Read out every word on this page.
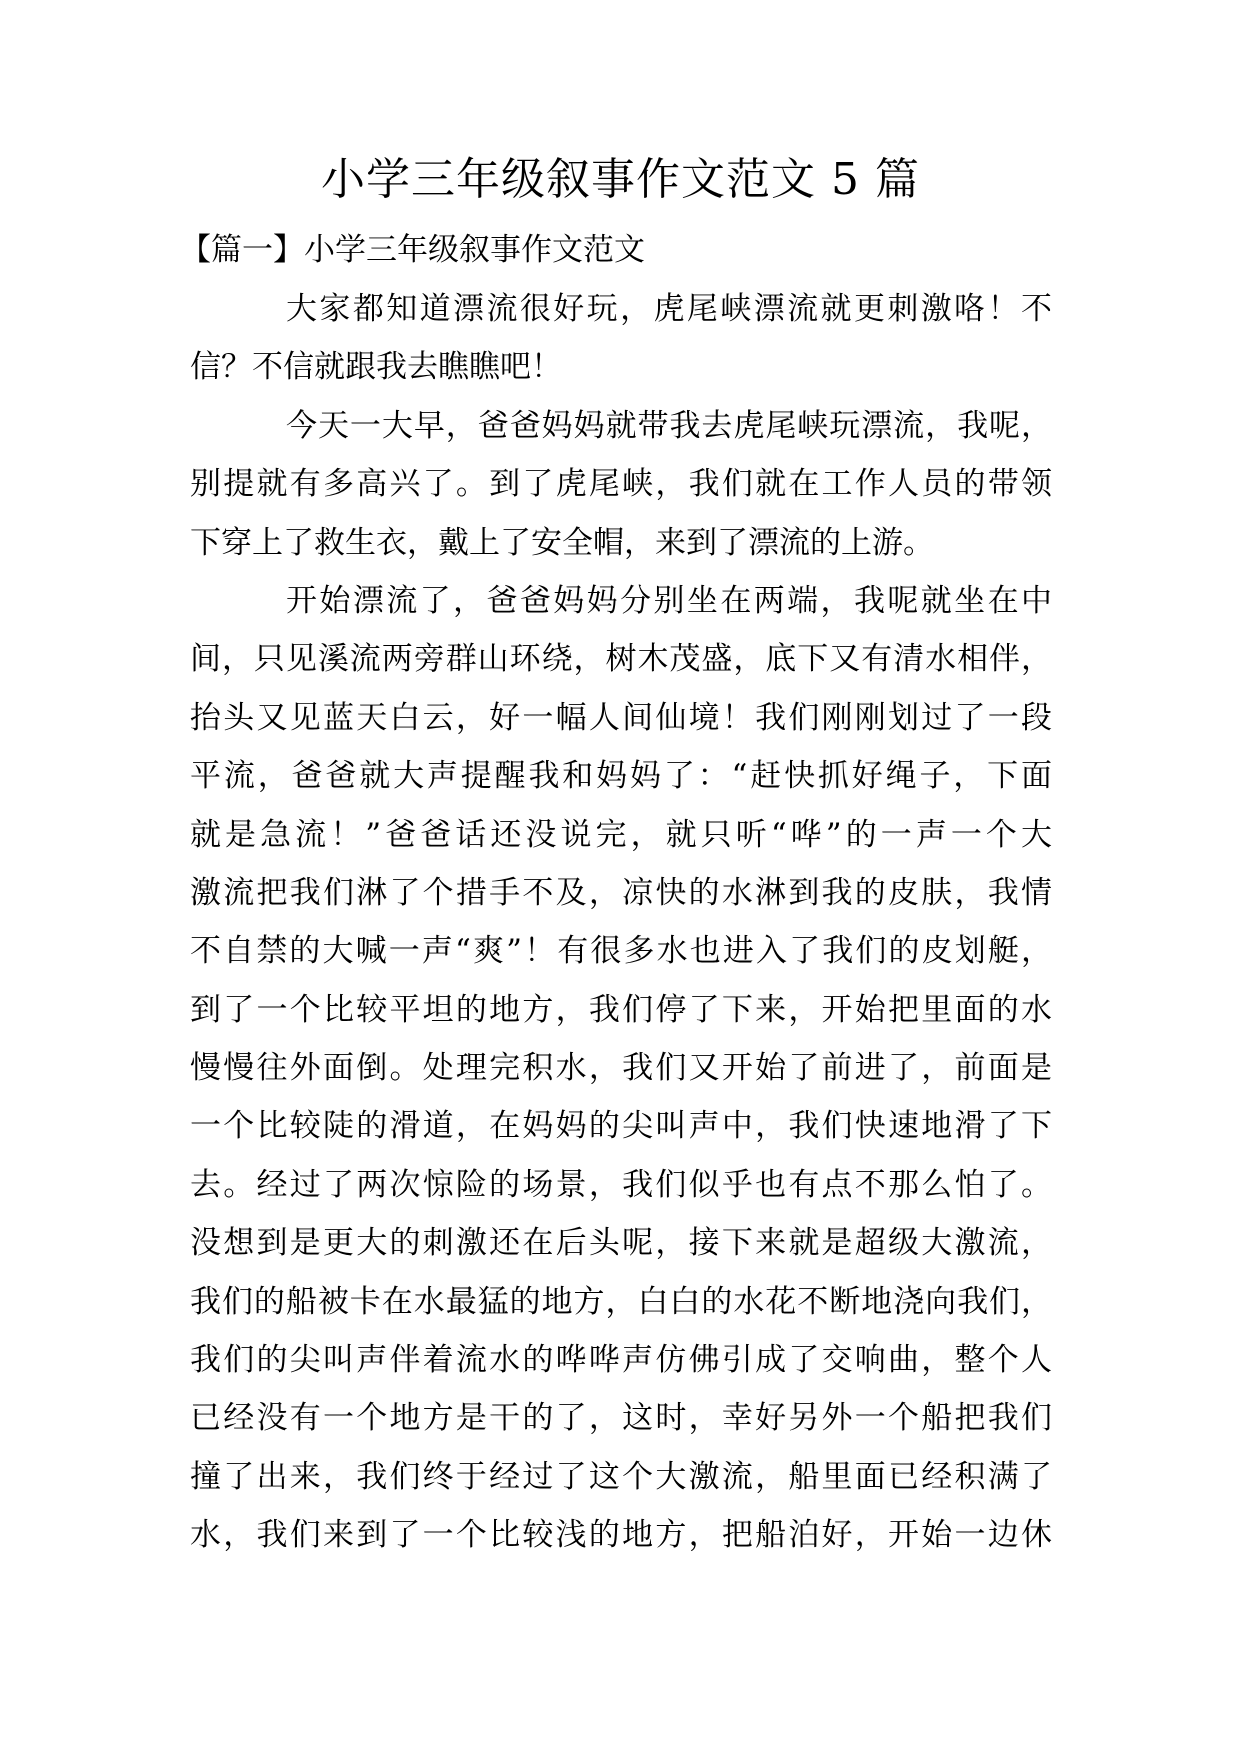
小学三年级叙事作文范文 5 篇
【篇一】小学三年级叙事作文范文
大家都知道漂流很好玩，虎尾峡漂流就更刺激咯！不
信？不信就跟我去瞧瞧吧！
今天一大早，爸爸妈妈就带我去虎尾峡玩漂流，我呢，
别提就有多高兴了。到了虎尾峡，我们就在工作人员的带领
下穿上了救生衣，戴上了安全帽，来到了漂流的上游。
开始漂流了，爸爸妈妈分别坐在两端，我呢就坐在中
间，只见溪流两旁群山环绕，树木茂盛，底下又有清水相伴，
抬头又见蓝天白云，好一幅人间仙境！我们刚刚划过了一段
平流，爸爸就大声提醒我和妈妈了：“赶快抓好绳子，下面
就是急流！”爸爸话还没说完，就只听“哗”的一声一个大
激流把我们淋了个措手不及，凉快的水淋到我的皮肤，我情
不自禁的大喊一声“爽”！有很多水也进入了我们的皮划艇，
到了一个比较平坦的地方，我们停了下来，开始把里面的水
慢慢往外面倒。处理完积水，我们又开始了前进了，前面是
一个比较陡的滑道，在妈妈的尖叫声中，我们快速地滑了下
去。经过了两次惊险的场景，我们似乎也有点不那么怕了。
没想到是更大的刺激还在后头呢，接下来就是超级大激流，
我们的船被卡在水最猛的地方，白白的水花不断地浇向我们，
我们的尖叫声伴着流水的哗哗声仿佛引成了交响曲，整个人
已经没有一个地方是干的了，这时，幸好另外一个船把我们
撞了出来，我们终于经过了这个大激流，船里面已经积满了
水，我们来到了一个比较浅的地方，把船泊好，开始一边休
